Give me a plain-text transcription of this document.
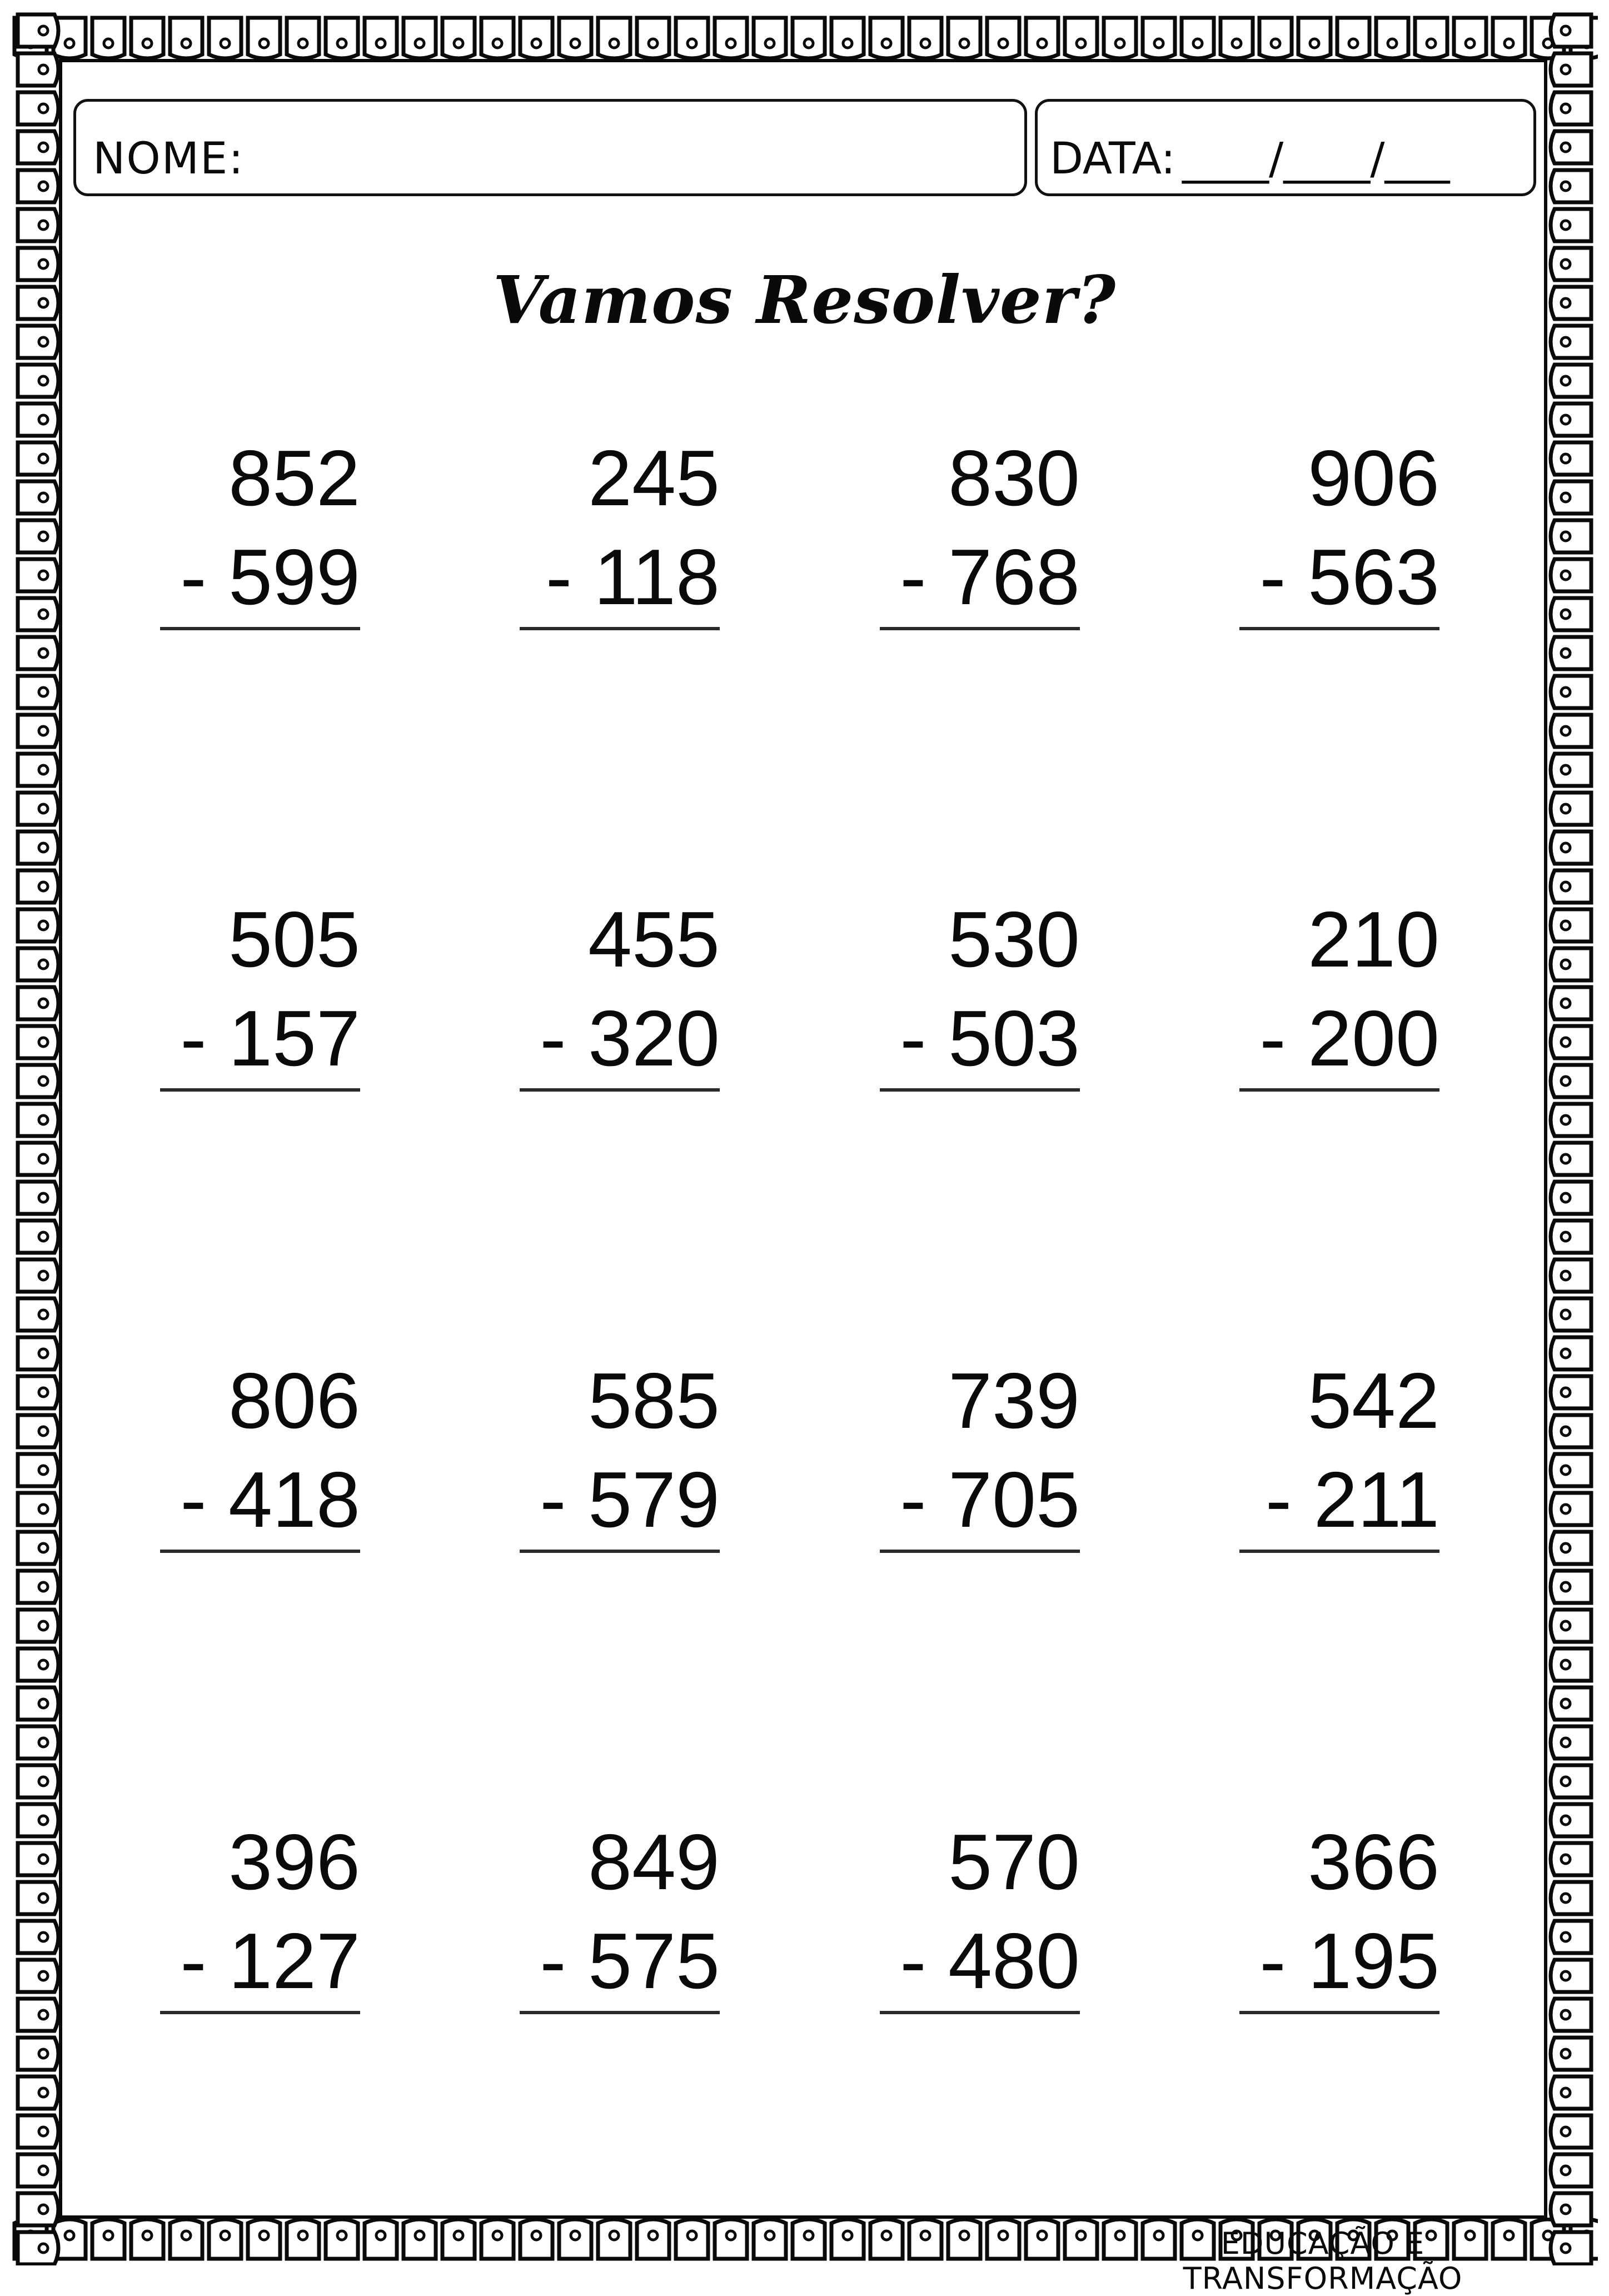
NOME:	DATA: ____/____/___
Vamos Resolver?
852
- 599
245
- 118
830
- 768
906
- 563
505
- 157
455
- 320
530
- 503
210
- 200
806
- 418
585
- 579
739
- 705
542
- 211
396
- 127
849
- 575
570
- 480
366
- 195
EDUCAÇÃO E TRANSFORMAÇÃO
